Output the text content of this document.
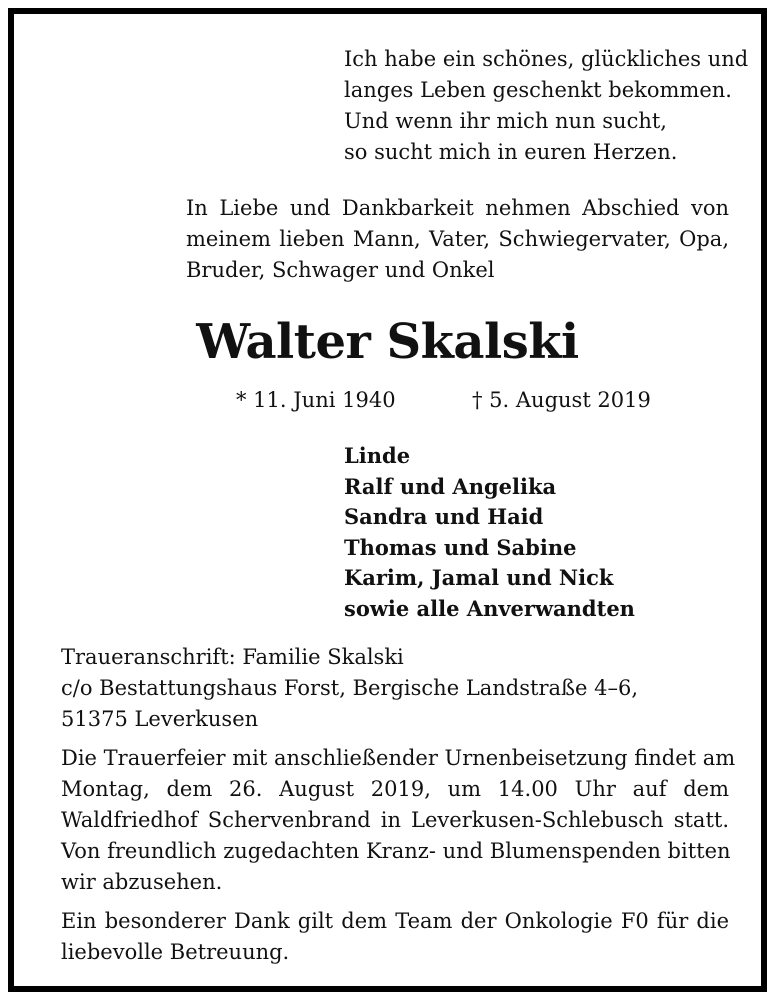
Ich habe ein schönes, glückliches und
langes Leben geschenkt bekommen.
Und wenn ihr mich nun sucht,
so sucht mich in euren Herzen.
In Liebe und Dankbarkeit nehmen Abschied von
meinem lieben Mann, Vater, Schwiegervater, Opa,
Bruder, Schwager und Onkel
Walter Skalski
* 11. Juni 1940	† 5. August 2019
Linde
Ralf und Angelika
Sandra und Haid
Thomas und Sabine
Karim, Jamal und Nick
sowie alle Anverwandten
Traueranschrift: Familie Skalski
c/o Bestattungshaus Forst, Bergische Landstraße 4–6,
51375 Leverkusen
Die Trauerfeier mit anschließender Urnenbeisetzung findet am
Montag, dem 26. August 2019, um 14.00 Uhr auf dem
Waldfriedhof Schervenbrand in Leverkusen-Schlebusch statt.
Von freundlich zugedachten Kranz- und Blumenspenden bitten
wir abzusehen.
Ein besonderer Dank gilt dem Team der Onkologie F0 für die
liebevolle Betreuung.
